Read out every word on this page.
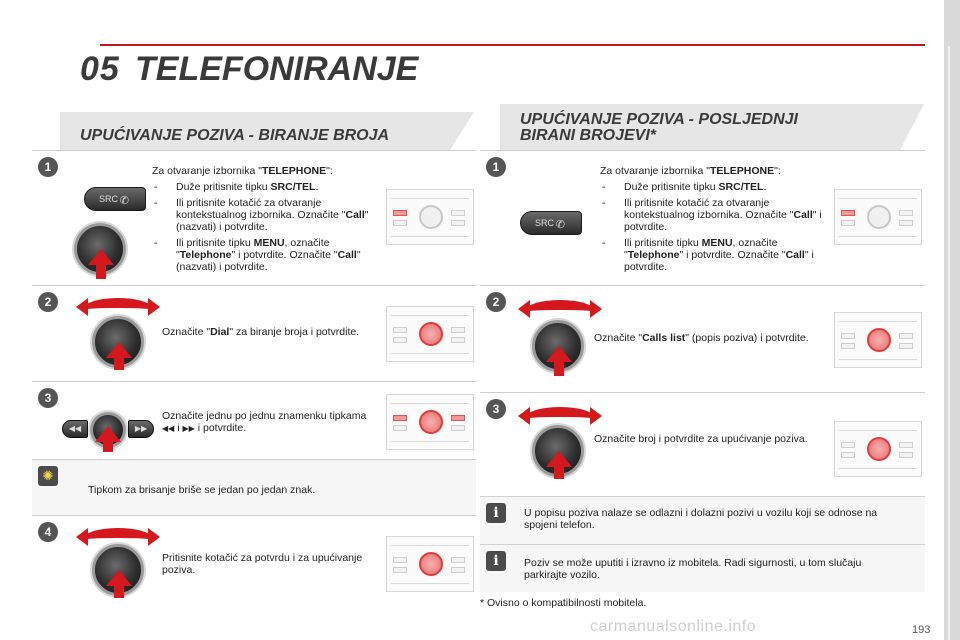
05 TELEFONIRANJE
UPUĆIVANJE POZIVA - BIRANJE BROJA
1
SRC ✆
Za otvaranje izbornika "TELEPHONE":
- Duže pritisnite tipku SRC/TEL.
- Ili pritisnite kotačić za otvaranje kontekstualnog izbornika. Označite "Call" (nazvati) i potvrdite.
- Ili pritisnite tipku MENU, označite "Telephone" i potvrdite. Označite "Call" (nazvati) i potvrdite.
2
Označite "Dial" za biranje broja i potvrdite.
3
◀◀	▶▶
Označite jednu po jednu znamenku tipkama ◀◀ i ▶▶ i potvrdite.
✺
Tipkom za brisanje briše se jedan po jedan znak.
4
Pritisnite kotačić za potvrdu i za upućivanje poziva.
UPUĆIVANJE POZIVA - POSLJEDNJI
BIRANI BROJEVI*
1
SRC ✆
Za otvaranje izbornika "TELEPHONE":
- Duže pritisnite tipku SRC/TEL.
- Ili pritisnite kotačić za otvaranje kontekstualnog izbornika. Označite "Call" i potvrdite.
- Ili pritisnite tipku MENU, označite "Telephone" i potvrdite. Označite "Call" i potvrdite.
2
Označite "Calls list" (popis poziva) i potvrdite.
3
Označite broj i potvrdite za upućivanje poziva.
i	U popisu poziva nalaze se odlazni i dolazni pozivi u vozilu koji se odnose na spojeni telefon.
i	Poziv se može uputiti i izravno iz mobitela. Radi sigurnosti, u tom slučaju parkirajte vozilo.
* Ovisno o kompatibilnosti mobitela.
carmanualsonline.info	193
